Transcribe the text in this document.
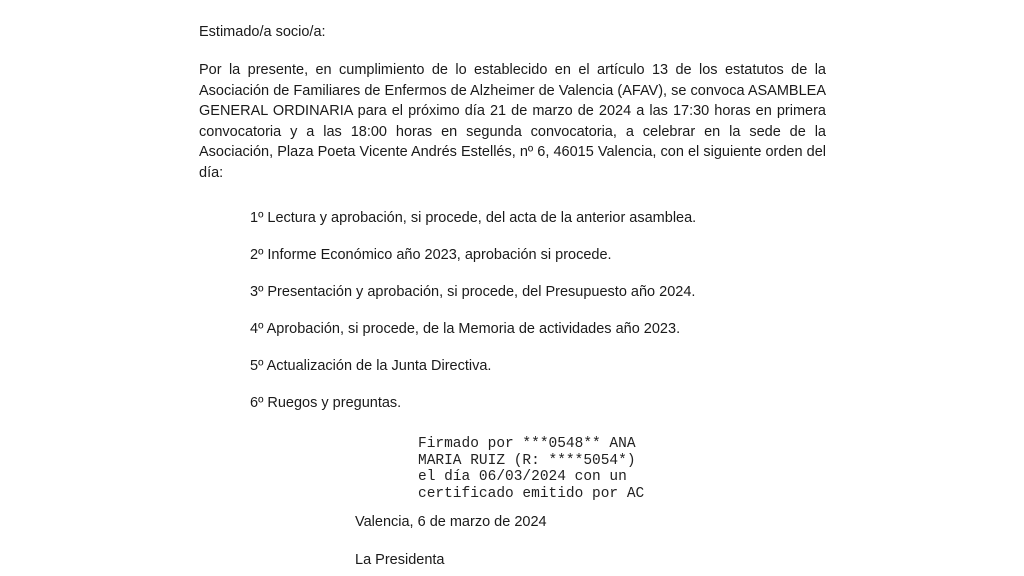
Estimado/a socio/a:

Por la presente, en cumplimiento de lo establecido en el artículo 13 de los estatutos de la Asociación de Familiares de Enfermos de Alzheimer de Valencia (AFAV), se convoca ASAMBLEA GENERAL ORDINARIA para el próximo día 21 de marzo de 2024 a las 17:30 horas en primera convocatoria y a las 18:00 horas en segunda convocatoria, a celebrar en la sede de la Asociación, Plaza Poeta Vicente Andrés Estellés, nº 6, 46015 Valencia, con el siguiente orden del día:

1º Lectura y aprobación, si procede, del acta de la anterior asamblea.
2º Informe Económico año 2023, aprobación si procede.
3º Presentación y aprobación, si procede, del Presupuesto año 2024.
4º Aprobación, si procede, de la Memoria de actividades año 2023.
5º Actualización de la Junta Directiva.
6º Ruegos y preguntas.
Firmado por ***0548** ANA
MARIA RUIZ (R: ****5054*)
el día 06/03/2024 con un
certificado emitido por AC
Valencia, 6 de marzo de 2024
La Presidenta
